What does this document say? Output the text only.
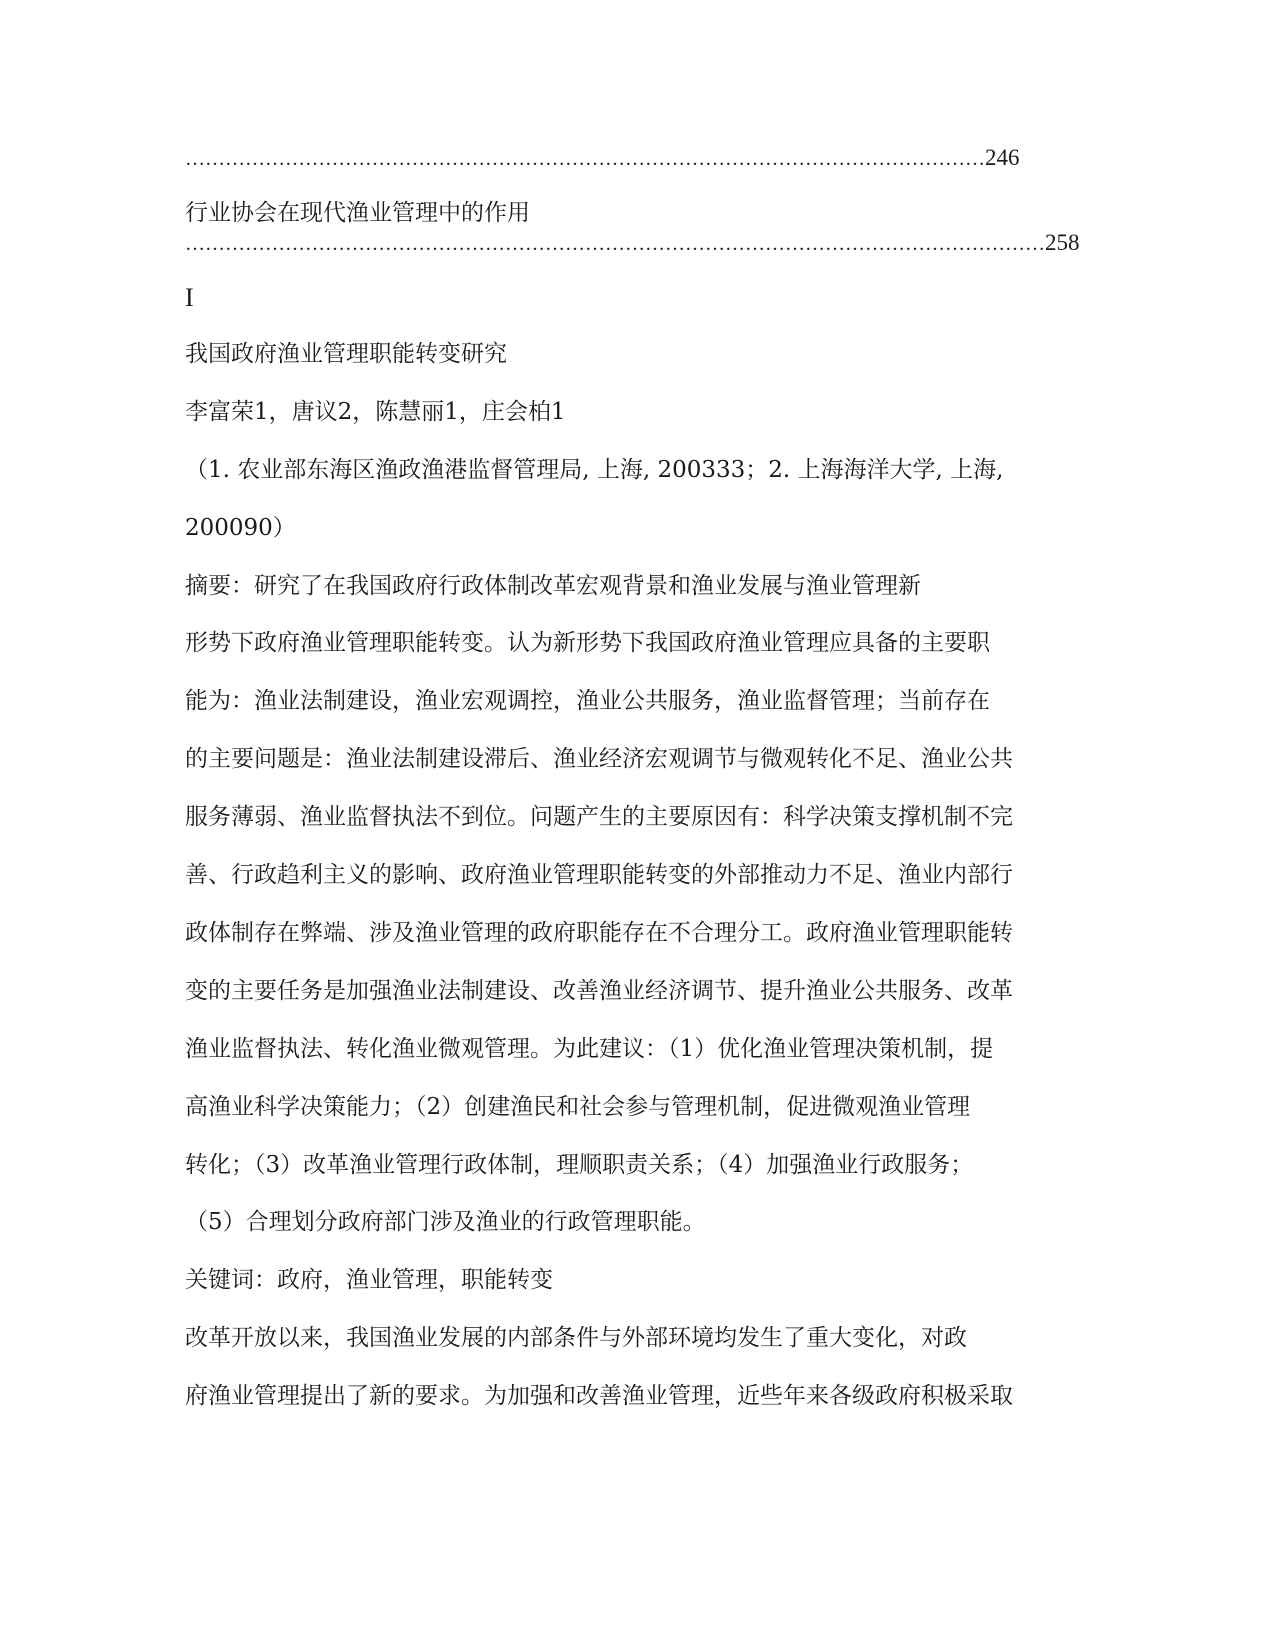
…………………………………………………………………………………………………………246
行业协会在现代渔业管理中的作用
…………………………………………………………………………………………………………………258
I
我国政府渔业管理职能转变研究
李富荣1，唐议2，陈慧丽1，庄会柏1
（1. 农业部东海区渔政渔港监督管理局, 上海, 200333；2. 上海海洋大学, 上海,
200090）
摘要：研究了在我国政府行政体制改革宏观背景和渔业发展与渔业管理新
形势下政府渔业管理职能转变。认为新形势下我国政府渔业管理应具备的主要职
能为：渔业法制建设，渔业宏观调控，渔业公共服务，渔业监督管理；当前存在
的主要问题是：渔业法制建设滞后、渔业经济宏观调节与微观转化不足、渔业公共
服务薄弱、渔业监督执法不到位。问题产生的主要原因有：科学决策支撑机制不完
善、行政趋利主义的影响、政府渔业管理职能转变的外部推动力不足、渔业内部行
政体制存在弊端、涉及渔业管理的政府职能存在不合理分工。政府渔业管理职能转
变的主要任务是加强渔业法制建设、改善渔业经济调节、提升渔业公共服务、改革
渔业监督执法、转化渔业微观管理。为此建议：（1）优化渔业管理决策机制，提
高渔业科学决策能力；（2）创建渔民和社会参与管理机制，促进微观渔业管理
转化；（3）改革渔业管理行政体制，理顺职责关系；（4）加强渔业行政服务；
（5）合理划分政府部门涉及渔业的行政管理职能。
关键词：政府，渔业管理，职能转变
改革开放以来，我国渔业发展的内部条件与外部环境均发生了重大变化，对政
府渔业管理提出了新的要求。为加强和改善渔业管理，近些年来各级政府积极采取
